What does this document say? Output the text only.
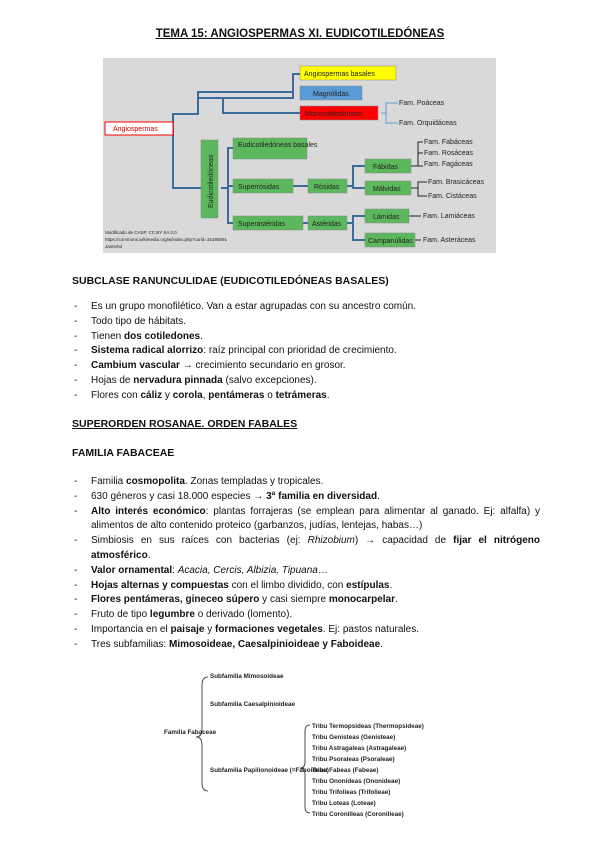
TEMA 15: ANGIOSPERMAS XI. EUDICOTILEDÓNEAS
Angiospermas basales
Magnólidas
Monocotiledóneas
Fam. Poáceas
Fam. Orquidáceas
Angiospermas
Eudicotiledóneas
Eudicotiledóneas basales
Superrósidas	Rósidas
Fábidas
Málvidas
Superastéridas	Astéridas
Lámidas
Campanúlidas
Fam. Fabáceas
Fam. Rosáceas
Fam. Fagáceas
Fam. Brasicáceas
Fam. Cistáceas
Fam. Lamiáceas
Fam. Asteráceas
Modificado de CASP, CC BY SA 3.0
https://commons.wikimedia.org/w/index.php?curid=15195891
Jaimehd
SUBCLASE RANUNCULIDAE (EUDICOTILEDÓNEAS BASALES)
- Es un grupo monofilético. Van a estar agrupadas con su ancestro común.
- Todo tipo de hábitats.
- Tienen dos cotiledones.
- Sistema radical alorrizo: raíz principal con prioridad de crecimiento.
- Cambium vascular → crecimiento secundario en grosor.
- Hojas de nervadura pinnada (salvo excepciones).
- Flores con cáliz y corola, pentámeras o tetrámeras.
SUPERORDEN ROSANAE. ORDEN FABALES
FAMILIA FABACEAE
- Familia cosmopolita. Zonas templadas y tropicales.
- 630 géneros y casi 18.000 especies → 3ª familia en diversidad.
- Alto interés económico: plantas forrajeras (se emplean para alimentar al ganado. Ej: alfalfa) y alimentos de alto contenido proteico (garbanzos, judías, lentejas, habas…)
- Simbiosis en sus raíces con bacterias (ej: Rhizobium) → capacidad de fijar el nitrógeno atmosférico.
- Valor ornamental: Acacia, Cercis, Albizia, Tipuana…
- Hojas alternas y compuestas con el limbo dividido, con estípulas.
- Flores pentámeras, gineceo súpero y casi siempre monocarpelar.
- Fruto de tipo legumbre o derivado (lomento).
- Importancia en el paisaje y formaciones vegetales. Ej: pastos naturales.
- Tres subfamilias: Mimosoideae, Caesalpinioideae y Faboideae.
Familia Fabaceae
Subfamilia Mimosoideae
Subfamilia Caesalpinioideae
Subfamilia Papilionoideae (=Faboideae)
Tribu Termopsideas (Thermopsideae)
Tribu Genisteas (Genisteae)
Tribu Astragaleas (Astragaleae)
Tribu Psoraleas (Psoraleae)
Tribu Fabeas (Fabeae)
Tribu Ononideas (Ononideae)
Tribu Trifolieas (Trifolieae)
Tribu Loteas (Loteae)
Tribu Coronilleas (Coronilleae)
